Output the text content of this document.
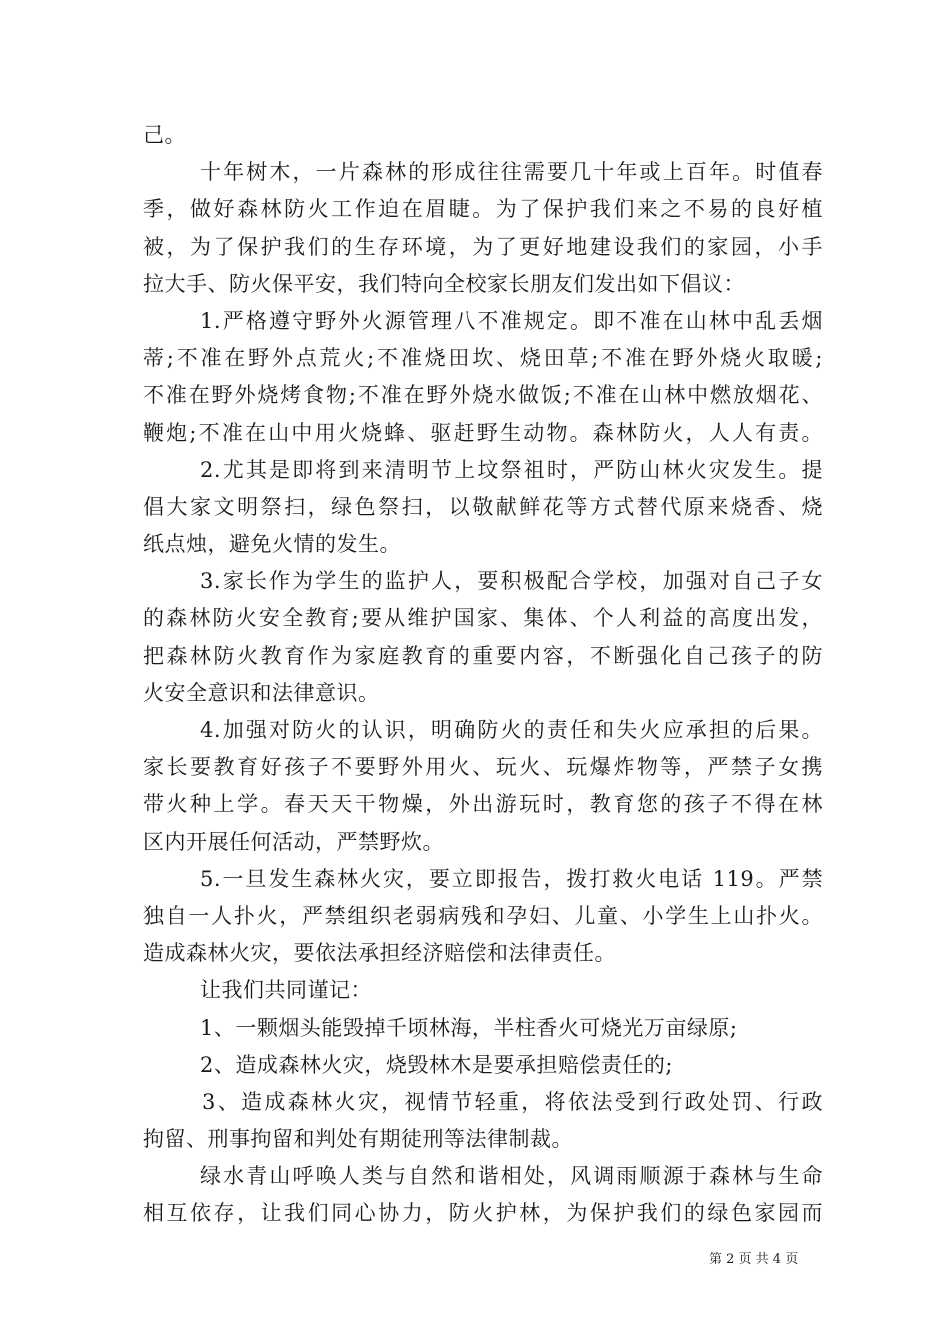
己。
十年树木，一片森林的形成往往需要几十年或上百年。时值春
季，做好森林防火工作迫在眉睫。为了保护我们来之不易的良好植
被，为了保护我们的生存环境，为了更好地建设我们的家园，小手
拉大手、防火保平安，我们特向全校家长朋友们发出如下倡议：
1.严格遵守野外火源管理八不准规定。即不准在山林中乱丢烟
蒂;不准在野外点荒火;不准烧田坎、烧田草;不准在野外烧火取暖;
不准在野外烧烤食物;不准在野外烧水做饭;不准在山林中燃放烟花、
鞭炮;不准在山中用火烧蜂、驱赶野生动物。森林防火，人人有责。
2.尤其是即将到来清明节上坟祭祖时，严防山林火灾发生。提
倡大家文明祭扫，绿色祭扫，以敬献鲜花等方式替代原来烧香、烧
纸点烛，避免火情的发生。
3.家长作为学生的监护人，要积极配合学校，加强对自己子女
的森林防火安全教育;要从维护国家、集体、个人利益的高度出发，
把森林防火教育作为家庭教育的重要内容，不断强化自己孩子的防
火安全意识和法律意识。
4.加强对防火的认识，明确防火的责任和失火应承担的后果。
家长要教育好孩子不要野外用火、玩火、玩爆炸物等，严禁子女携
带火种上学。春天天干物燥，外出游玩时，教育您的孩子不得在林
区内开展任何活动，严禁野炊。
5.一旦发生森林火灾，要立即报告，拨打救火电话 119。严禁
独自一人扑火，严禁组织老弱病残和孕妇、儿童、小学生上山扑火。
造成森林火灾，要依法承担经济赔偿和法律责任。
让我们共同谨记：
1、一颗烟头能毁掉千顷林海，半柱香火可烧光万亩绿原;
2、造成森林火灾，烧毁林木是要承担赔偿责任的;
3、造成森林火灾，视情节轻重，将依法受到行政处罚、行政
拘留、刑事拘留和判处有期徒刑等法律制裁。
绿水青山呼唤人类与自然和谐相处，风调雨顺源于森林与生命
相互依存，让我们同心协力，防火护林，为保护我们的绿色家园而
第 2 页 共 4 页
